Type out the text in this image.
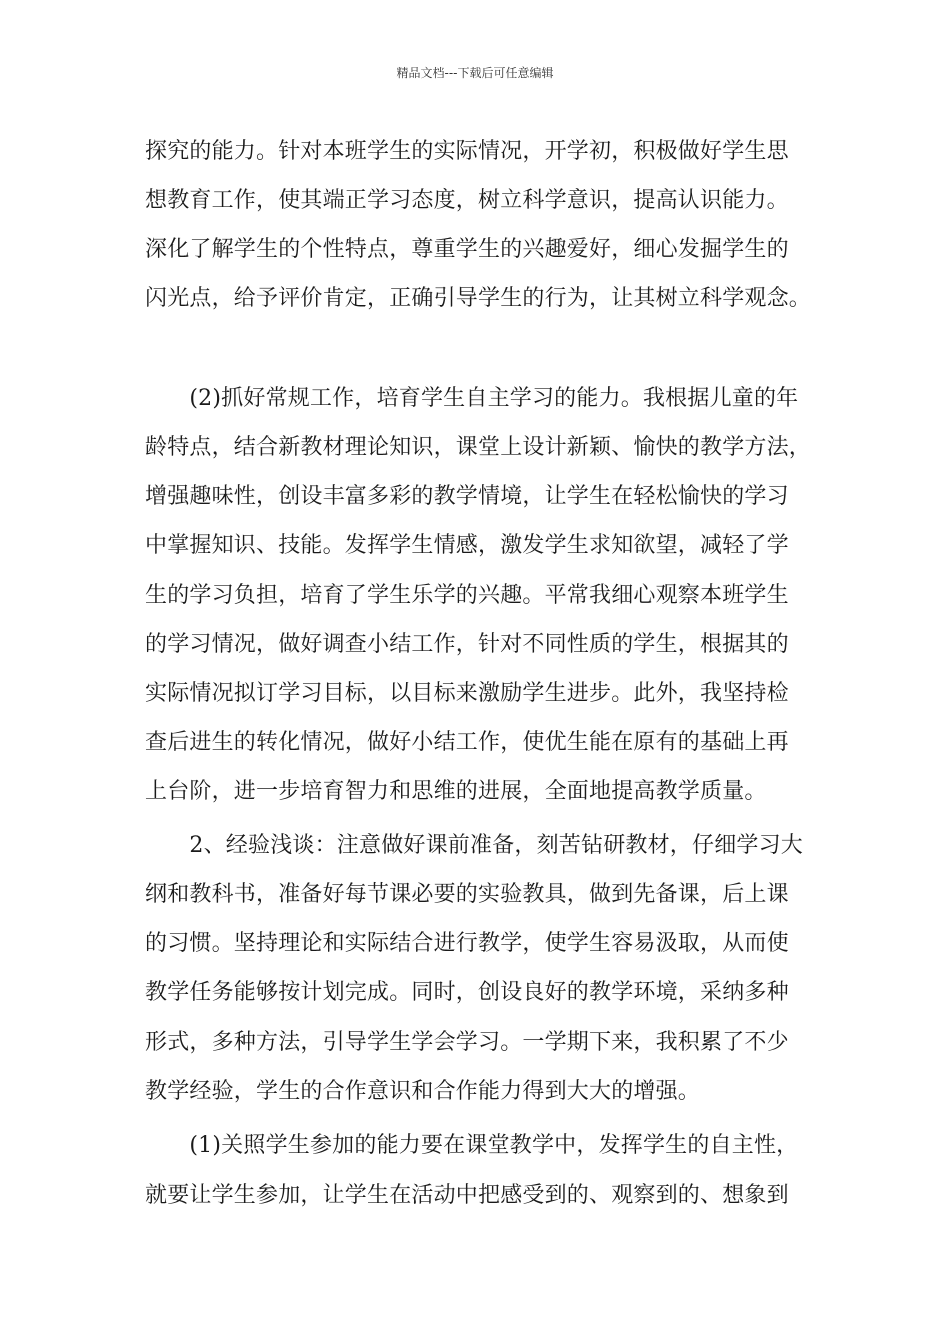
精品文档---下载后可任意编辑
探究的能力。针对本班学生的实际情况，开学初，积极做好学生思
想教育工作，使其端正学习态度，树立科学意识，提高认识能力。
深化了解学生的个性特点，尊重学生的兴趣爱好，细心发掘学生的
闪光点，给予评价肯定，正确引导学生的行为，让其树立科学观念。
　　(2)抓好常规工作，培育学生自主学习的能力。我根据儿童的年
龄特点，结合新教材理论知识，课堂上设计新颖、愉快的教学方法，
增强趣味性，创设丰富多彩的教学情境，让学生在轻松愉快的学习
中掌握知识、技能。发挥学生情感，激发学生求知欲望，减轻了学
生的学习负担，培育了学生乐学的兴趣。平常我细心观察本班学生
的学习情况，做好调查小结工作，针对不同性质的学生，根据其的
实际情况拟订学习目标，以目标来激励学生进步。此外，我坚持检
查后进生的转化情况，做好小结工作，使优生能在原有的基础上再
上台阶，进一步培育智力和思维的进展，全面地提高教学质量。
　　2、经验浅谈：注意做好课前准备，刻苦钻研教材，仔细学习大
纲和教科书，准备好每节课必要的实验教具，做到先备课，后上课
的习惯。坚持理论和实际结合进行教学，使学生容易汲取，从而使
教学任务能够按计划完成。同时，创设良好的教学环境，采纳多种
形式，多种方法，引导学生学会学习。一学期下来，我积累了不少
教学经验，学生的合作意识和合作能力得到大大的增强。
　　(1)关照学生参加的能力要在课堂教学中，发挥学生的自主性，
就要让学生参加，让学生在活动中把感受到的、观察到的、想象到
